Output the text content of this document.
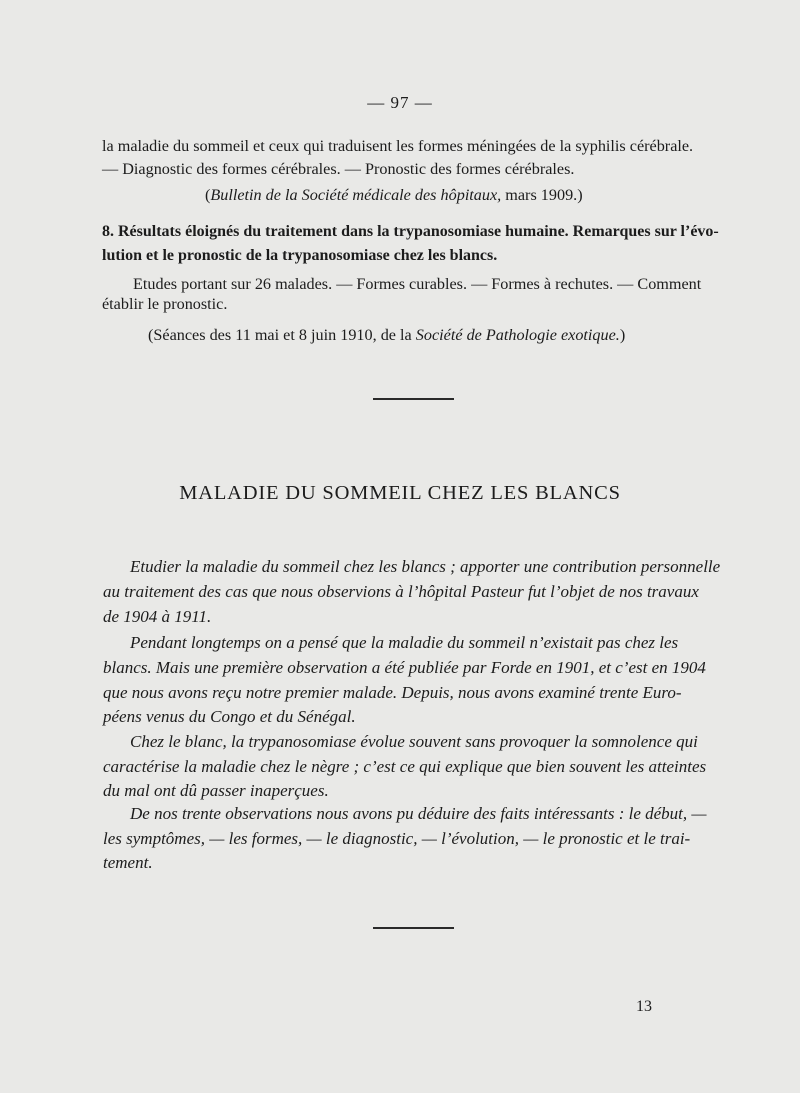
— 97 —
la maladie du sommeil et ceux qui traduisent les formes méningées de la syphilis cérébrale.
— Diagnostic des formes cérébrales. — Pronostic des formes cérébrales.
(Bulletin de la Société médicale des hôpitaux, mars 1909.)
8. Résultats éloignés du traitement dans la trypanosomiase humaine. Remarques sur l’évo-
lution et le pronostic de la trypanosomiase chez les blancs.
Etudes portant sur 26 malades. — Formes curables. — Formes à rechutes. — Comment
établir le pronostic.
(Séances des 11 mai et 8 juin 1910, de la Société de Pathologie exotique.)
MALADIE DU SOMMEIL CHEZ LES BLANCS
Etudier la maladie du sommeil chez les blancs ; apporter une contribution personnelle
au traitement des cas que nous observions à l’hôpital Pasteur fut l’objet de nos travaux
de 1904 à 1911.
Pendant longtemps on a pensé que la maladie du sommeil n’existait pas chez les
blancs. Mais une première observation a été publiée par Forde en 1901, et c’est en 1904
que nous avons reçu notre premier malade. Depuis, nous avons examiné trente Euro-
péens venus du Congo et du Sénégal.
Chez le blanc, la trypanosomiase évolue souvent sans provoquer la somnolence qui
caractérise la maladie chez le nègre ; c’est ce qui explique que bien souvent les atteintes
du mal ont dû passer inaperçues.
De nos trente observations nous avons pu déduire des faits intéressants : le début, —
les symptômes, — les formes, — le diagnostic, — l’évolution, — le pronostic et le trai-
tement.
13
